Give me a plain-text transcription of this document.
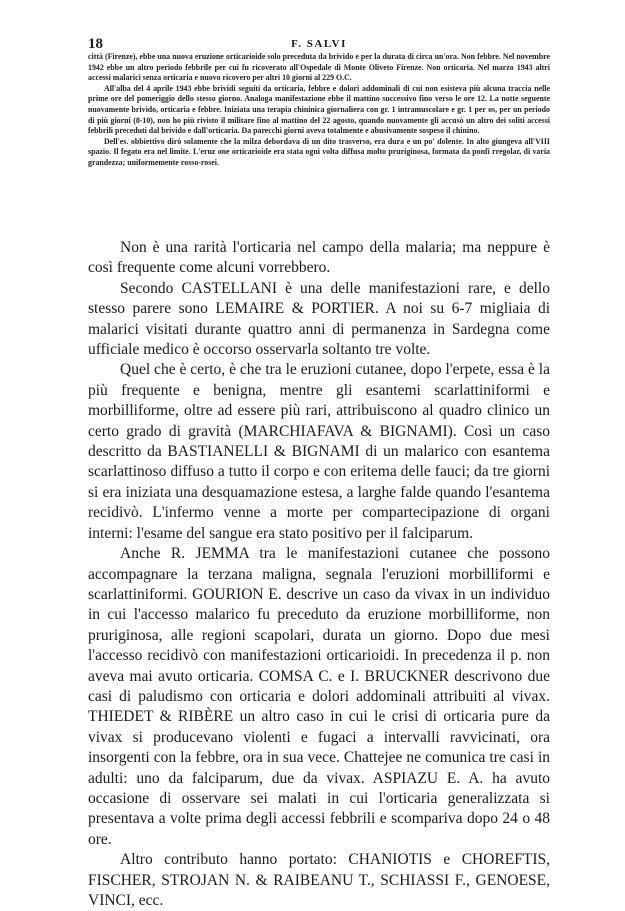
18	F. SALVI

città (Firenze), ebbe una nuova eruzione orticarioide solo preceduta da brivido e per la durata di circa un'ora. Non febbre. Nel novembre 1942 ebbe un altro periodo febbrile per cui fu ricoverato all'Ospedale di Monte Oliveto Firenze. Non orticaria. Nel marzo 1943 altri accessi malarici senza orticaria e nuovo ricovero per altri 10 giorni al 229 O.C.

All'alba del 4 aprile 1943 ebbe brividi seguiti da orticaria, febbre e dolori addominali di cui non esisteva più alcuna traccia nelle prime ore del pomeriggio dello stesso giorno. Analoga manifestazione ebbe il mattino successivo fino verso le ore 12. La notte seguente nuovamente brivido, orticaria e febbre. Iniziata una terapia chininica giornaliera con gr. 1 intramuscolare e gr. 1 per os, per un periodo di più giorni (8-10), non ho più rivisto il militare fino al mattino del 22 agosto, quando nuovamente gli accusò un altro dei soliti accessi febbrili preceduti dal brivido e dall'orticaria. Da parecchi giorni aveva totalmente e abusivamente sospeso il chinino.

Dell'es. obbiettivo dirò solamente che la milza debordava di un dito trasverso, era dura e un po' dolente. In alto giungeva all'VIII spazio. Il fegato era nel limite. L'eruz one orticarioide era stata ogni volta diffusa molto pruriginosa, formata da ponfi rregolar, di varia grandezza; uniformemente rosso-rosei.

Non è una rarità l'orticaria nel campo della malaria; ma neppure è così frequente come alcuni vorrebbero.

Secondo CASTELLANI è una delle manifestazioni rare, e dello stesso parere sono LEMAIRE & PORTIER. A noi su 6-7 migliaia di malarici visitati durante quattro anni di permanenza in Sardegna come ufficiale medico è occorso osservarla soltanto tre volte.

Quel che è certo, è che tra le eruzioni cutanee, dopo l'erpete, essa è la più frequente e benigna, mentre gli esantemi scarlattiniformi e morbilliforme, oltre ad essere più rari, attribuiscono al quadro clinico un certo grado di gravità (MARCHIAFAVA & BIGNAMI). Così un caso descritto da BASTIANELLI & BIGNAMI di un malarico con esantema scarlattinoso diffuso a tutto il corpo e con eritema delle fauci; da tre giorni si era iniziata una desquamazione estesa, a larghe falde quando l'esantema recidivò. L'infermo venne a morte per compartecipazione di organi interni: l'esame del sangue era stato positivo per il falciparum.

Anche R. JEMMA tra le manifestazioni cutanee che possono accompagnare la terzana maligna, segnala l'eruzioni morbilliformi e scarlattiniformi. GOURION E. descrive un caso da vivax in un individuo in cui l'accesso malarico fu preceduto da eruzione morbilliforme, non pruriginosa, alle regioni scapolari, durata un giorno. Dopo due mesi l'accesso recidivò con manifestazioni orticarioidi. In precedenza il p. non aveva mai avuto orticaria. COMSA C. e I. BRUCKNER descrivono due casi di paludismo con orticaria e dolori addominali attribuiti al vivax. THIEDET & RIBÈRE un altro caso in cui le crisi di orticaria pure da vivax si producevano violenti e fugaci a intervalli ravvicinati, ora insorgenti con la febbre, ora in sua vece. Chattejee ne comunica tre casi in adulti: uno da falciparum, due da vivax. ASPIAZU E. A. ha avuto occasione di osservare sei malati in cui l'orticaria generalizzata si presentava a volte prima degli accessi febbrili e scompariva dopo 24 o 48 ore.

Altro contributo hanno portato: CHANIOTIS e CHOREFTIS, FISCHER, STROJAN N. & RAIBEANU T., SCHIASSI F., GENOESE, VINCI, ecc.
